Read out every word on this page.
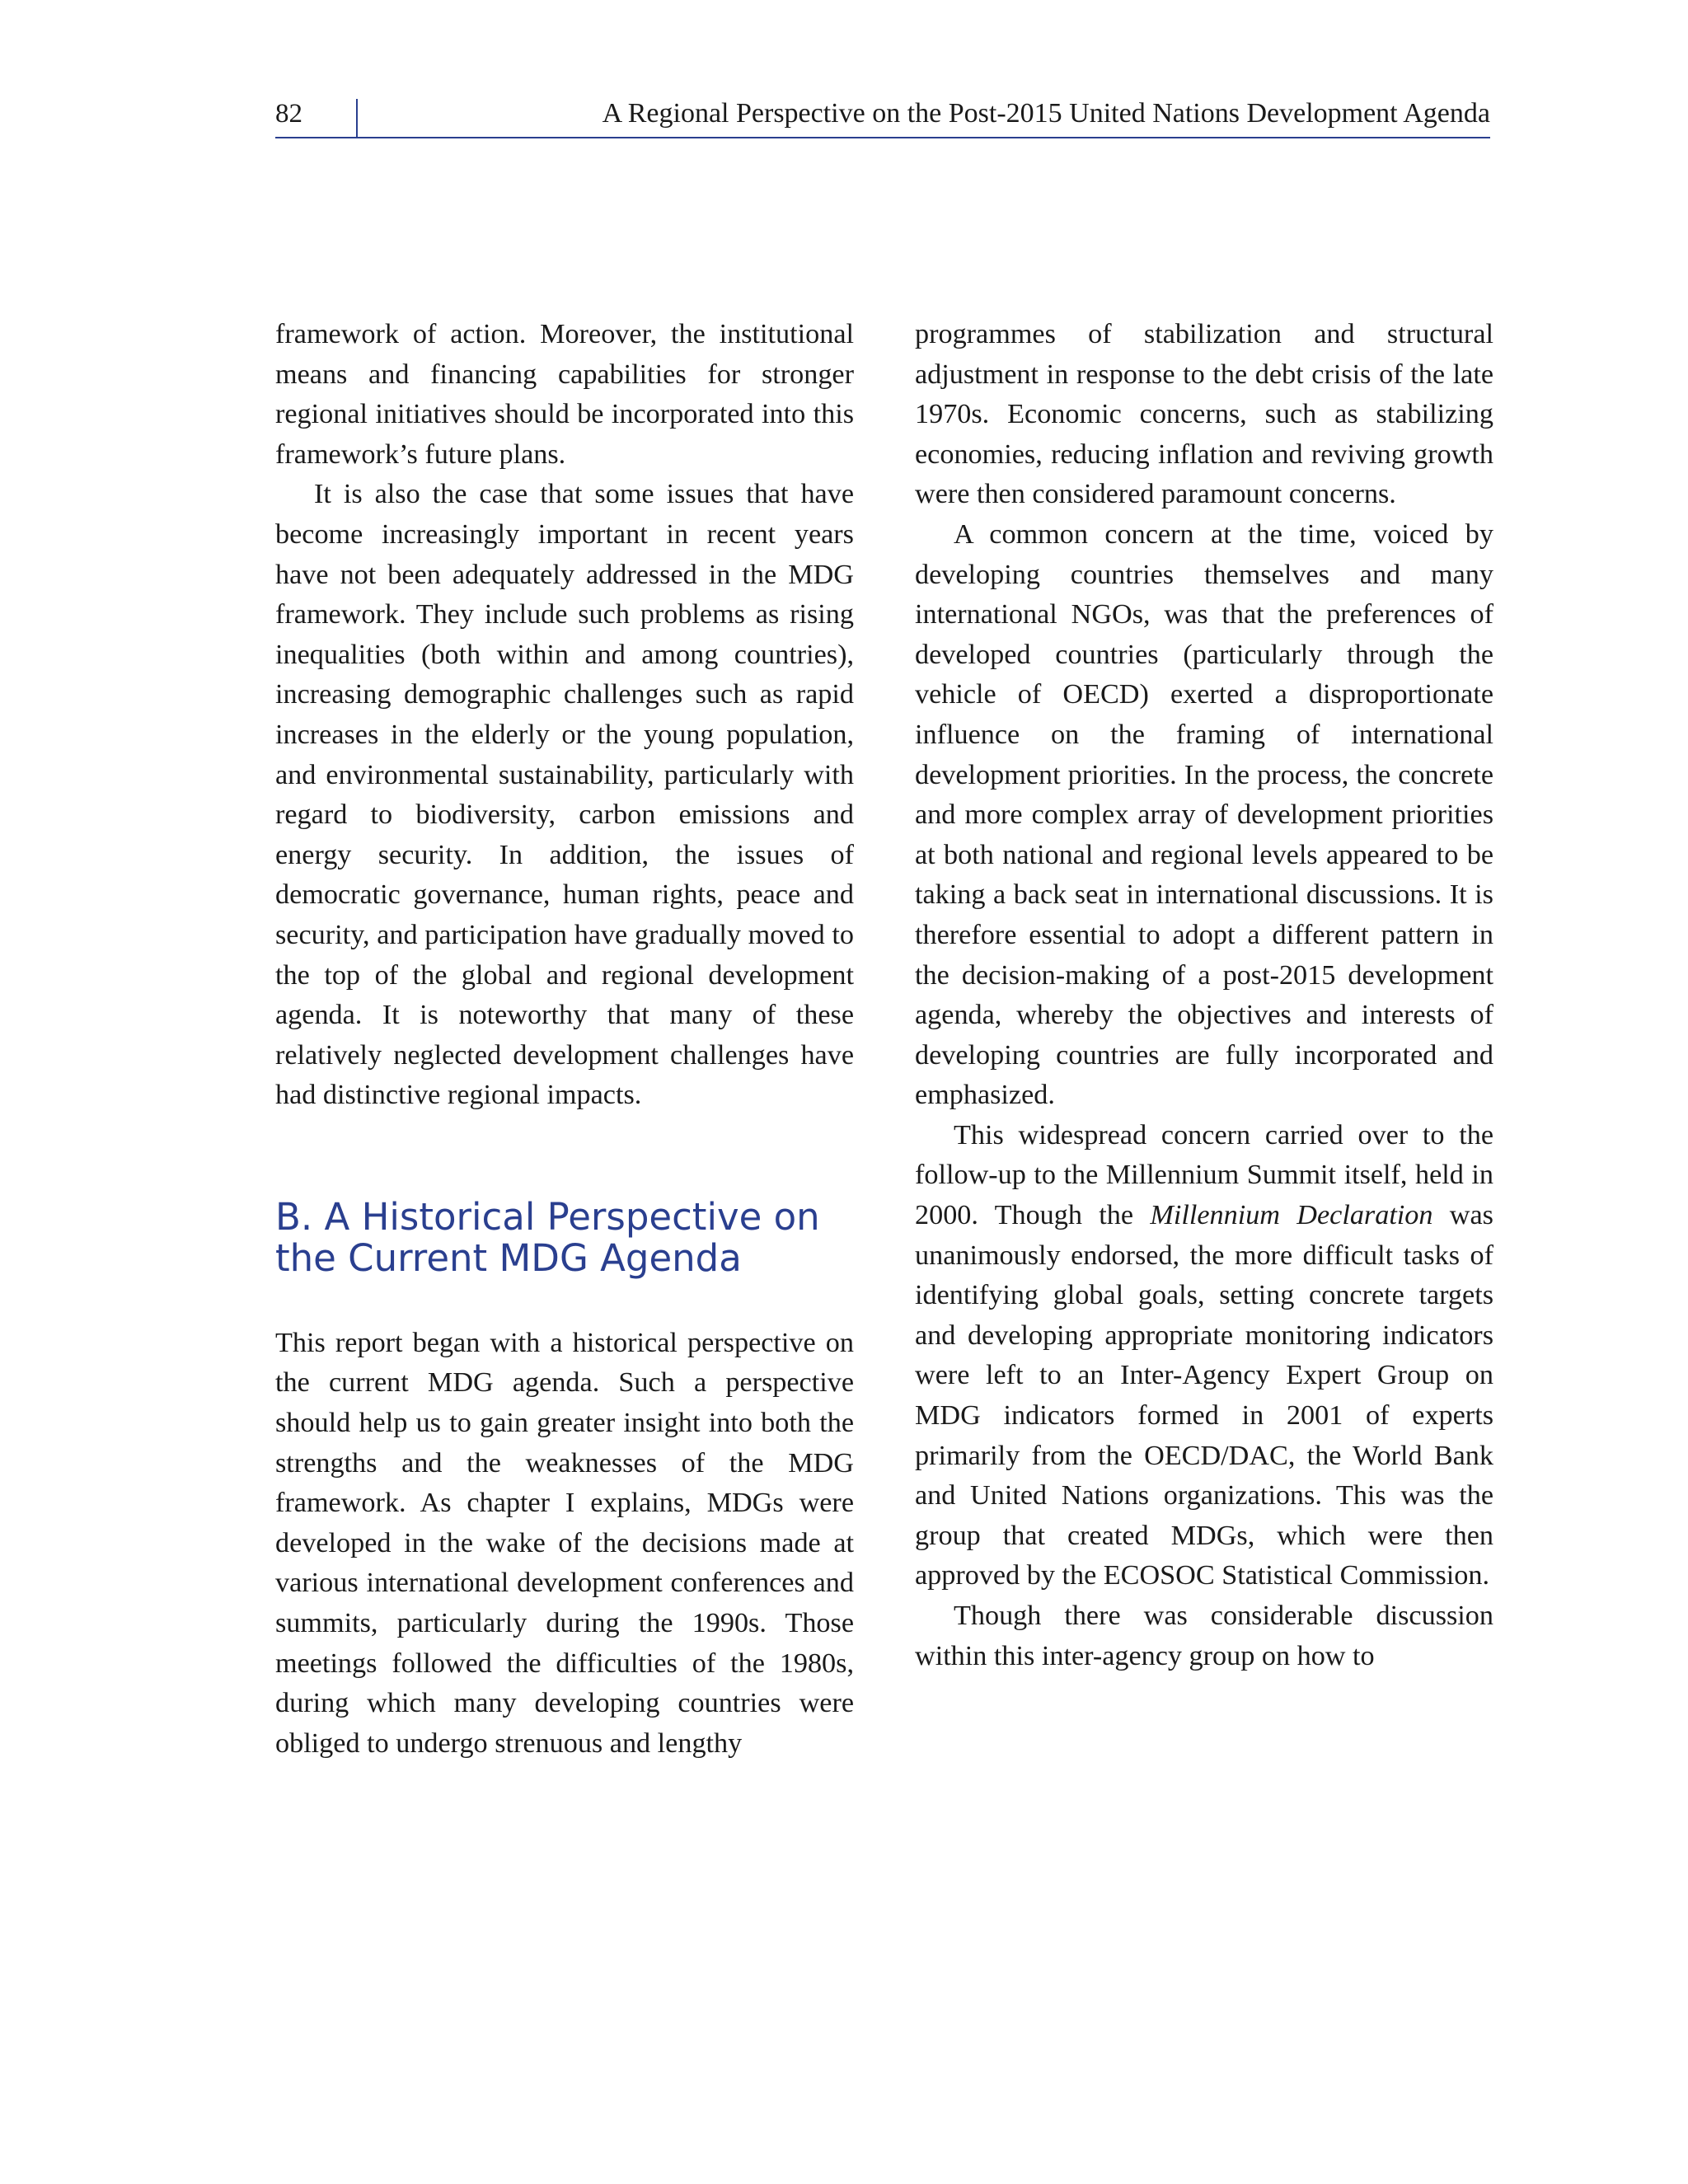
82	A Regional Perspective on the Post-2015 United Nations Development Agenda

framework of action. Moreover, the institutional means and financing capabilities for stronger regional initiatives should be incorporated into this framework’s future plans.

It is also the case that some issues that have become increasingly important in recent years have not been adequately addressed in the MDG framework. They include such problems as rising inequalities (both within and among countries), increasing demographic challenges such as rapid increases in the elderly or the young population, and environmental sustainability, particularly with regard to biodiversity, carbon emissions and energy security. In addition, the issues of democratic governance, human rights, peace and security, and participation have gradually moved to the top of the global and regional development agenda. It is noteworthy that many of these relatively neglected development challenges have had distinctive regional impacts.

B. A Historical Perspective on
the Current MDG Agenda

This report began with a historical perspective on the current MDG agenda. Such a perspective should help us to gain greater insight into both the strengths and the weaknesses of the MDG framework. As chapter I explains, MDGs were developed in the wake of the decisions made at various international development conferences and summits, particularly during the 1990s. Those meetings followed the difficulties of the 1980s, during which many developing countries were obliged to undergo strenuous and lengthy

programmes of stabilization and structural adjustment in response to the debt crisis of the late 1970s. Economic concerns, such as stabilizing economies, reducing inflation and reviving growth were then considered paramount concerns.

A common concern at the time, voiced by developing countries themselves and many international NGOs, was that the preferences of developed countries (particularly through the vehicle of OECD) exerted a disproportionate influence on the framing of international development priorities. In the process, the concrete and more complex array of development priorities at both national and regional levels appeared to be taking a back seat in international discussions. It is therefore essential to adopt a different pattern in the decision-making of a post-2015 development agenda, whereby the objectives and interests of developing countries are fully incorporated and emphasized.

This widespread concern carried over to the follow-up to the Millennium Summit itself, held in 2000. Though the Millennium Declaration was unanimously endorsed, the more difficult tasks of identifying global goals, setting concrete targets and developing appropriate monitoring indicators were left to an Inter-Agency Expert Group on MDG indicators formed in 2001 of experts primarily from the OECD/DAC, the World Bank and United Nations organizations. This was the group that created MDGs, which were then approved by the ECOSOC Statistical Commission.

Though there was considerable discussion within this inter-agency group on how to
